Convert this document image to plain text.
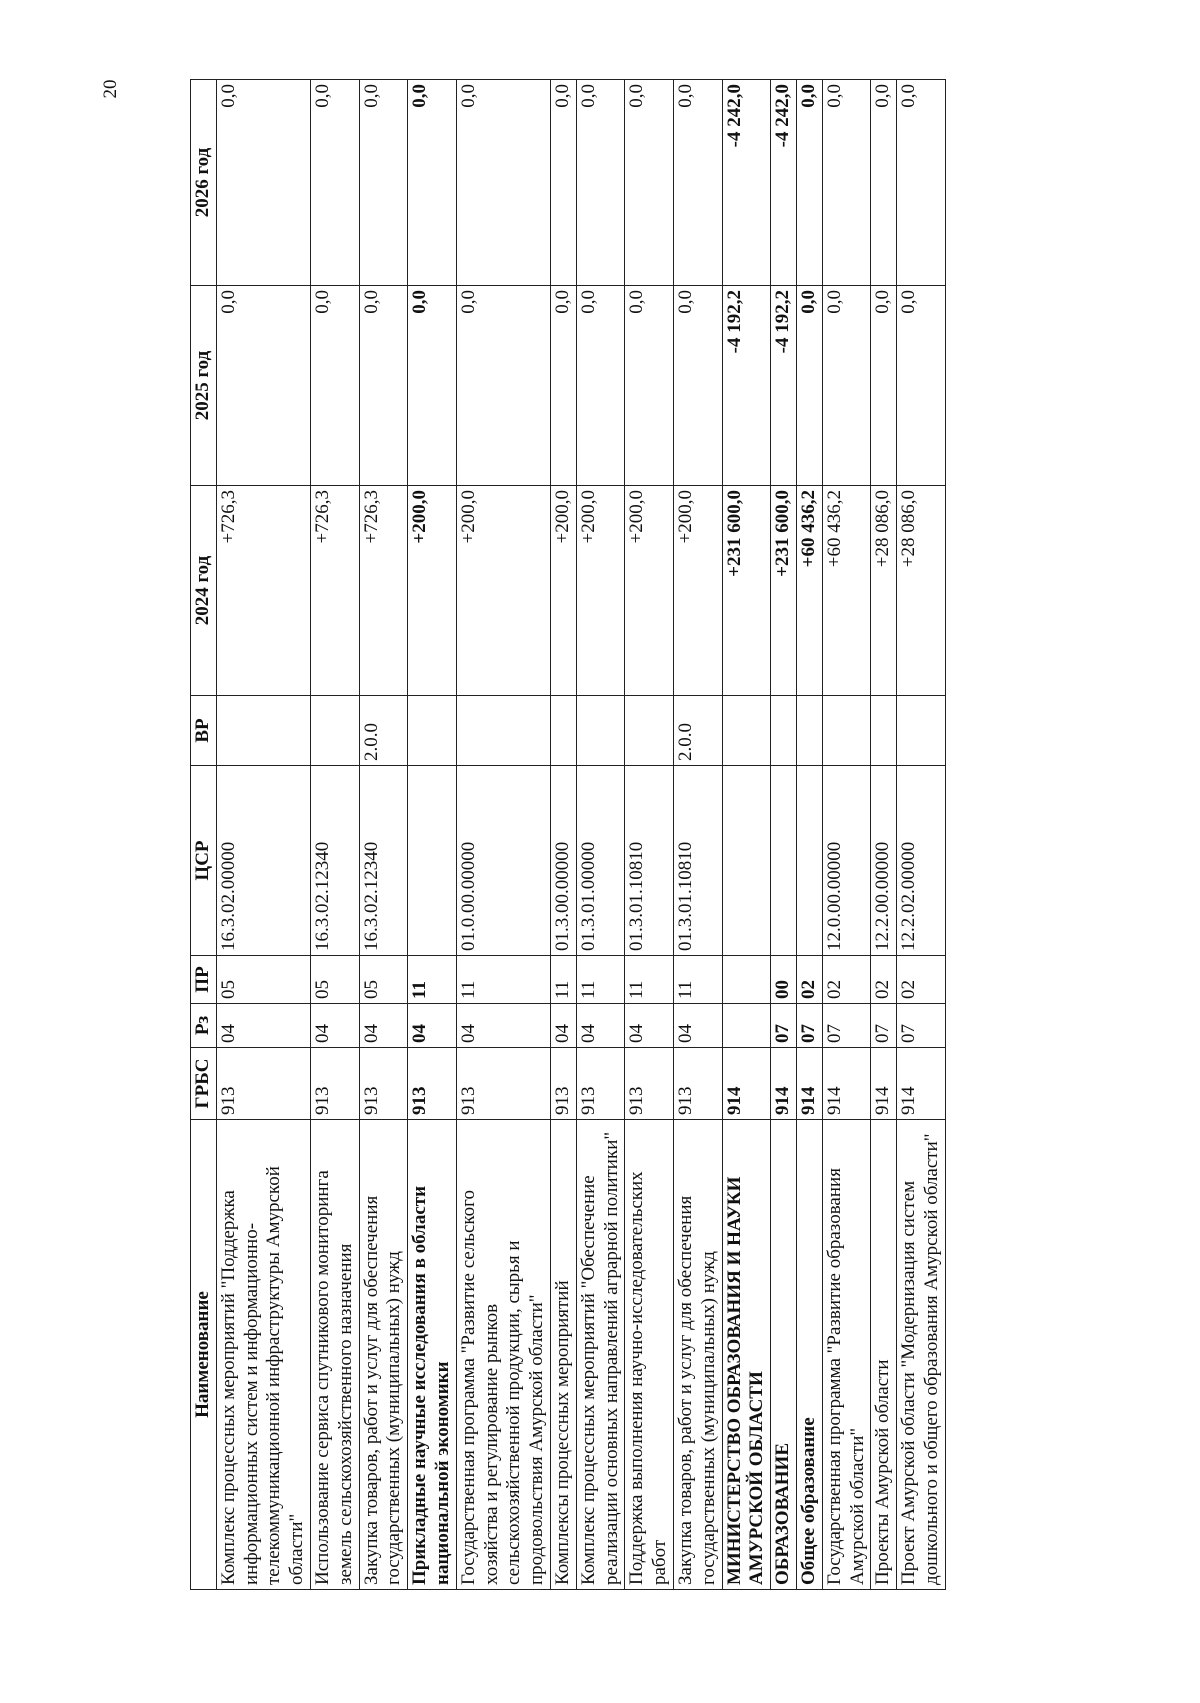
20
Наименование	ГРБС	Рз	ПР	ЦСР	ВР	2024 год	2025 год	2026 год
Комплекс процессных мероприятий "Поддержка информационных систем и информационно-телекоммуникационной инфраструктуры Амурской области"	913	04	05	16.3.02.00000		+726,3	0,0	0,0
Использование сервиса спутникового мониторинга земель сельскохозяйственного назначения	913	04	05	16.3.02.12340		+726,3	0,0	0,0
Закупка товаров, работ и услуг для обеспечения государственных (муниципальных) нужд	913	04	05	16.3.02.12340	2.0.0	+726,3	0,0	0,0
Прикладные научные исследования в области национальной экономики	913	04	11			+200,0	0,0	0,0
Государственная программа "Развитие сельского хозяйства и регулирование рынков сельскохозяйственной продукции, сырья и продовольствия Амурской области"	913	04	11	01.0.00.00000		+200,0	0,0	0,0
Комплексы процессных мероприятий	913	04	11	01.3.00.00000		+200,0	0,0	0,0
Комплекс процессных мероприятий "Обеспечение реализации основных направлений аграрной политики"	913	04	11	01.3.01.00000		+200,0	0,0	0,0
Поддержка выполнения научно-исследовательских работ	913	04	11	01.3.01.10810		+200,0	0,0	0,0
Закупка товаров, работ и услуг для обеспечения государственных (муниципальных) нужд	913	04	11	01.3.01.10810	2.0.0	+200,0	0,0	0,0
МИНИСТЕРСТВО ОБРАЗОВАНИЯ И НАУКИ АМУРСКОЙ ОБЛАСТИ	914					+231 600,0	-4 192,2	-4 242,0
ОБРАЗОВАНИЕ	914	07	00			+231 600,0	-4 192,2	-4 242,0
Общее образование	914	07	02			+60 436,2	0,0	0,0
Государственная программа "Развитие образования Амурской области"	914	07	02	12.0.00.00000		+60 436,2	0,0	0,0
Проекты Амурской области	914	07	02	12.2.00.00000		+28 086,0	0,0	0,0
Проект Амурской области "Модернизация систем дошкольного и общего образования Амурской области"	914	07	02	12.2.02.00000		+28 086,0	0,0	0,0
